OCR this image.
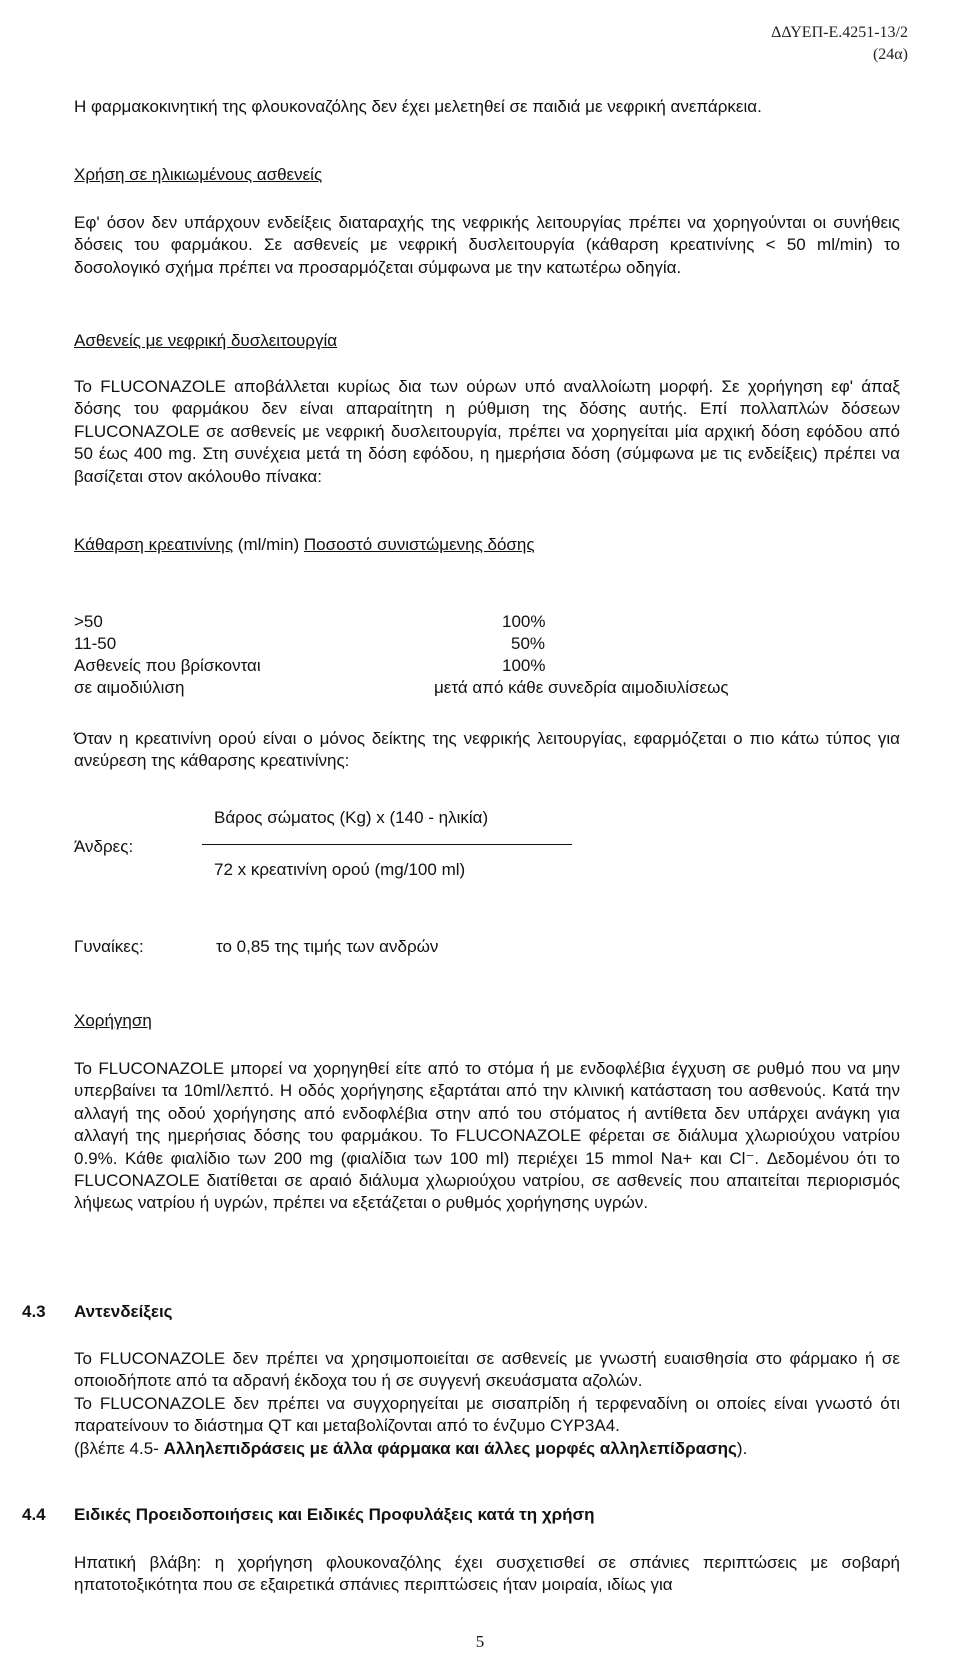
ΔΔΥΕΠ-Ε.4251-13/2
(24α)
Η φαρμακοκινητική της φλουκοναζόλης δεν έχει μελετηθεί σε παιδιά με νεφρική ανεπάρκεια.
Χρήση σε ηλικιωμένους ασθενείς
Εφ' όσον δεν υπάρχουν ενδείξεις διαταραχής της νεφρικής λειτουργίας πρέπει να χορηγούνται οι συνήθεις δόσεις του φαρμάκου. Σε ασθενείς με νεφρική δυσλειτουργία (κάθαρση κρεατινίνης < 50 ml/min) το δοσολογικό σχήμα πρέπει να προσαρμόζεται σύμφωνα με την κατωτέρω οδηγία.
Ασθενείς με νεφρική δυσλειτουργία
Το FLUCONAZOLE αποβάλλεται κυρίως δια των ούρων υπό αναλλοίωτη μορφή. Σε χορήγηση εφ' άπαξ δόσης του φαρμάκου δεν είναι απαραίτητη η ρύθμιση της δόσης αυτής. Επί πολλαπλών δόσεων FLUCONAZOLE σε ασθενείς με νεφρική δυσλειτουργία, πρέπει να χορηγείται μία αρχική δόση εφόδου από 50 έως 400 mg. Στη συνέχεια μετά τη δόση εφόδου, η ημερήσια δόση (σύμφωνα με τις ενδείξεις) πρέπει να βασίζεται στον ακόλουθο πίνακα:
Κάθαρση κρεατινίνης (ml/min) Ποσοστό συνιστώμενης δόσης
>50	100%
11-50	50%
Ασθενείς που βρίσκονται	100%
σε αιμοδιύλιση	μετά από κάθε συνεδρία αιμοδιυλίσεως
Όταν η κρεατινίνη ορού είναι ο μόνος δείκτης της νεφρικής λειτουργίας, εφαρμόζεται ο πιο κάτω τύπος για ανεύρεση της κάθαρσης κρεατινίνης:
Βάρος σώματος (Kg) x (140 - ηλικία)
Άνδρες:
72 x κρεατινίνη ορού (mg/100 ml)
Γυναίκες:	το 0,85 της τιμής των ανδρών
Χορήγηση
Το FLUCONAZOLE μπορεί να χορηγηθεί είτε από το στόμα ή με ενδοφλέβια έγχυση σε ρυθμό που να μην υπερβαίνει τα 10ml/λεπτό. Η οδός χορήγησης εξαρτάται από την κλινική κατάσταση του ασθενούς. Κατά την αλλαγή της οδού χορήγησης από ενδοφλέβια στην από του στόματος ή αντίθετα δεν υπάρχει ανάγκη για αλλαγή της ημερήσιας δόσης του φαρμάκου. Το FLUCONAZOLE φέρεται σε διάλυμα χλωριούχου νατρίου 0.9%. Κάθε φιαλίδιο των 200 mg (φιαλίδια των 100 ml) περιέχει 15 mmol Na+ και Cl⁻. Δεδομένου ότι το FLUCONAZOLE διατίθεται σε αραιό διάλυμα χλωριούχου νατρίου, σε ασθενείς που απαιτείται περιορισμός λήψεως νατρίου ή υγρών, πρέπει να εξετάζεται ο ρυθμός χορήγησης υγρών.
4.3 Αντενδείξεις
Το FLUCONAZOLE δεν πρέπει να χρησιμοποιείται σε ασθενείς με γνωστή ευαισθησία στο φάρμακο ή σε οποιοδήποτε από τα αδρανή έκδοχα του ή σε συγγενή σκευάσματα αζολών.
Το FLUCONAZOLE δεν πρέπει να συγχορηγείται με σισαπρίδη ή τερφεναδίνη οι οποίες είναι γνωστό ότι παρατείνουν το διάστημα QT και μεταβολίζονται από το ένζυμο CYP3A4.
(βλέπε 4.5- Αλληλεπιδράσεις με άλλα φάρμακα και άλλες μορφές αλληλεπίδρασης).
4.4 Ειδικές Προειδοποιήσεις και Ειδικές Προφυλάξεις κατά τη χρήση
Ηπατική βλάβη: η χορήγηση φλουκοναζόλης έχει συσχετισθεί σε σπάνιες περιπτώσεις με σοβαρή ηπατοτοξικότητα που σε εξαιρετικά σπάνιες περιπτώσεις ήταν μοιραία, ιδίως για
5
